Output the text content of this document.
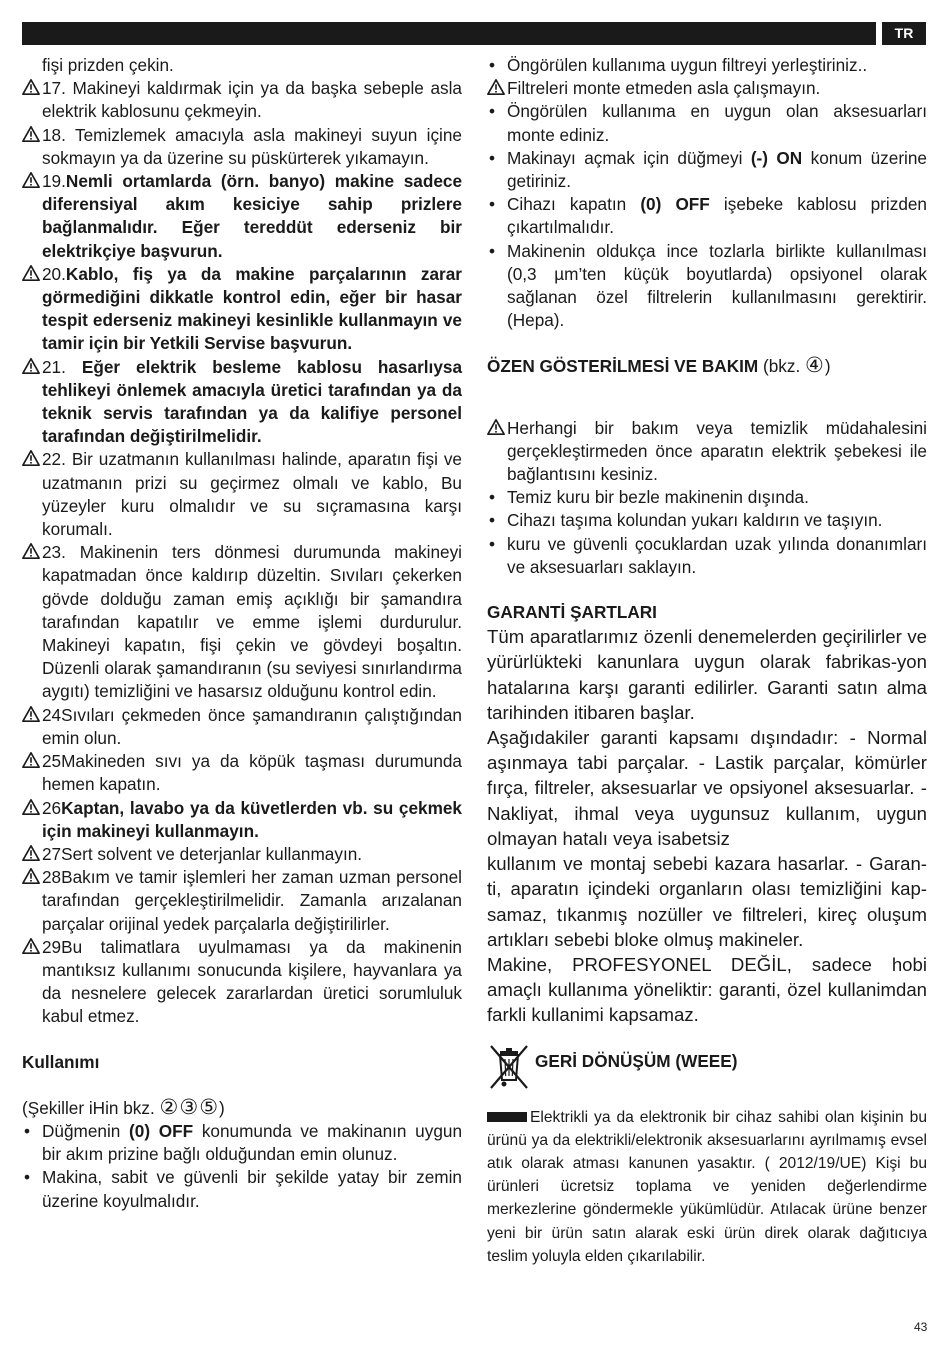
TR

fişi prizden çekin.

17. Makineyi kaldırmak için ya da başka sebeple asla elektrik kablosunu çekmeyin.
18. Temizlemek amacıyla asla makineyi suyun içine sokmayın ya da üzerine su püskürterek yıkamayın.
19.Nemli ortamlarda (örn. banyo) makine sadece diferensiyal akım kesiciye sahip prizlere bağlanmalıdır. Eğer tereddüt ederseniz bir elektrikçiye başvurun.
20.Kablo, fiş ya da makine parçalarının zarar görmediğini dikkatle kontrol edin, eğer bir hasar tespit ederseniz makineyi kesinlikle kullanmayın ve tamir için bir Yetkili Servise başvurun.
21. Eğer elektrik besleme kablosu hasarlıysa tehlikeyi önlemek amacıyla üretici tarafından ya da teknik servis tarafından ya da kalifiye personel tarafından değiştirilmelidir.
22. Bir uzatmanın kullanılması halinde, aparatın fişi ve uzatmanın prizi su geçirmez olmalı ve kablo, Bu yüzeyler kuru olmalıdır ve su sıçramasına karşı korumalı.
23. Makinenin ters dönmesi durumunda makineyi kapatmadan önce kaldırıp düzeltin. Sıvıları çekerken gövde dolduğu zaman emiş açıklığı bir şamandıra tarafından kapatılır ve emme işlemi durdurulur. Makineyi kapatın, fişi çekin ve gövdeyi boşaltın. Düzenli olarak şamandıranın (su seviyesi sınırlandırma aygıtı) temizliğini ve hasarsız olduğunu kontrol edin.
24Sıvıları çekmeden önce şamandıranın çalıştığından emin olun.
25Makineden sıvı ya da köpük taşması durumunda hemen kapatın.
26Kaptan, lavabo ya da küvetlerden vb. su çekmek için makineyi kullanmayın.
27Sert solvent ve deterjanlar kullanmayın.
28Bakım ve tamir işlemleri her zaman uzman personel tarafından gerçekleştirilmelidir. Zamanla arızalanan parçalar orijinal yedek parçalarla değiştirilirler.
29Bu talimatlara uyulmaması ya da makinenin mantıksız kullanımı sonucunda kişilere, hayvanlara ya da nesnelere gelecek zararlardan üretici sorumluluk kabul etmez.

Kullanımı

(Şekiller iHin bkz. ②③⑤)

• Düğmenin (0) OFF konumunda ve makinanın uygun bir akım prizine bağlı olduğundan emin olunuz.
• Makina, sabit ve güvenli bir şekilde yatay bir zemin üzerine koyulmalıdır.
• Öngörülen kullanıma uygun filtreyi yerleştiriniz..
Filtreleri monte etmeden asla çalışmayın.
• Öngörülen kullanıma en uygun olan aksesuarları monte ediniz.
• Makinayı açmak için düğmeyi (-) ON konum üzerine getiriniz.
• Cihazı kapatın (0) OFF işebeke kablosu prizden çıkartılmalıdır.
• Makinenin oldukça ince tozlarla birlikte kullanılması (0,3 µm’ten küçük boyutlarda) opsiyonel olarak sağlanan özel filtrelerin kullanılmasını gerektirir. (Hepa).

ÖZEN GÖSTERİLMESİ VE BAKIM (bkz. ④)

Herhangi bir bakım veya temizlik müdahalesini gerçekleştirmeden önce aparatın elektrik şebekesi ile bağlantısını kesiniz.
• Temiz kuru bir bezle makinenin dışında.
• Cihazı taşıma kolundan yukarı kaldırın ve taşıyın.
• kuru ve güvenli çocuklardan uzak yılında donanımları ve aksesuarları saklayın.

GARANTİ ŞARTLARI

Tüm aparatlarımız özenli denemelerden geçirilirler ve yürürlükteki kanunlara uygun olarak fabrikas-yon hatalarına karşı garanti edilirler. Garanti satın alma tarihinden itibaren başlar.

Aşağıdakiler garanti kapsamı dışındadır: - Normal aşınmaya tabi parçalar. - Lastik parçalar, kömürler fırça, filtreler, aksesuarlar ve opsiyonel aksesuarlar. -Nakliyat, ihmal veya uygunsuz kullanım, uygun olmayan hatalı veya isabetsiz

kullanım ve montaj sebebi kazara hasarlar. - Garan-ti, aparatın içindeki organların olası temizliğini kap-samaz, tıkanmış nozüller ve filtreleri, kireç oluşum artıkları sebebi bloke olmuş makineler.

Makine, PROFESYONEL DEĞİL, sadece hobi amaçlı kullanıma yöneliktir: garanti, özel kullanimdan farkli kullanimi kapsamaz.

GERİ DÖNÜŞÜM (WEEE)

Elektrikli ya da elektronik bir cihaz sahibi olan kişinin bu ürünü ya da elektrikli/elektronik aksesuarlarını ayrılmamış evsel atık olarak atması kanunen yasaktır. ( 2012/19/UE) Kişi bu ürünleri ücretsiz toplama ve yeniden değerlendirme merkezlerine göndermekle yükümlüdür. Atılacak ürüne benzer yeni bir ürün satın alarak eski ürün direk olarak dağıtıcıya teslim yoluyla elden çıkarılabilir.

43
